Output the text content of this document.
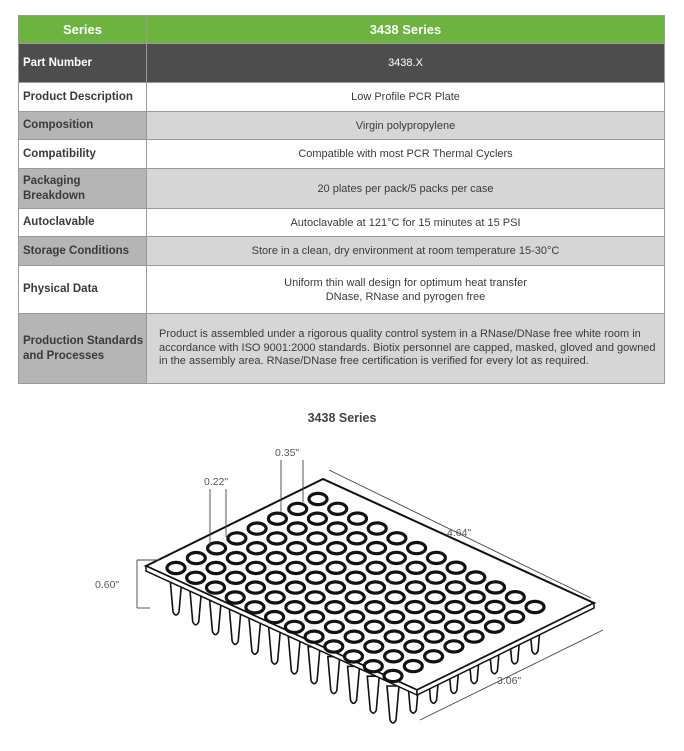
Series	3438 Series
Part Number	3438.X
Product Description	Low Profile PCR Plate
Composition	Virgin polypropylene
Compatibility	Compatible with most PCR Thermal Cyclers

Packaging
Breakdown	20 plates per pack/5 packs per case
Autoclavable	Autoclavable at 121°C for 15 minutes at 15 PSI
Storage Conditions	Store in a clean, dry environment at room temperature 15-30°C
Physical Data	Uniform thin wall design for optimum heat transfer
DNase, RNase and pyrogen free

Production Standards
and Processes	Product is assembled under a rigorous quality control system in a RNase/DNase free white room in accordance with ISO 9001:2000 standards. Biotix personnel are capped, masked, gloved and gowned in the assembly area. RNase/DNase free certification is verified for every lot as required.
3438 Series
0.35"
0.22"
0.60"
4.64"
3.06"
